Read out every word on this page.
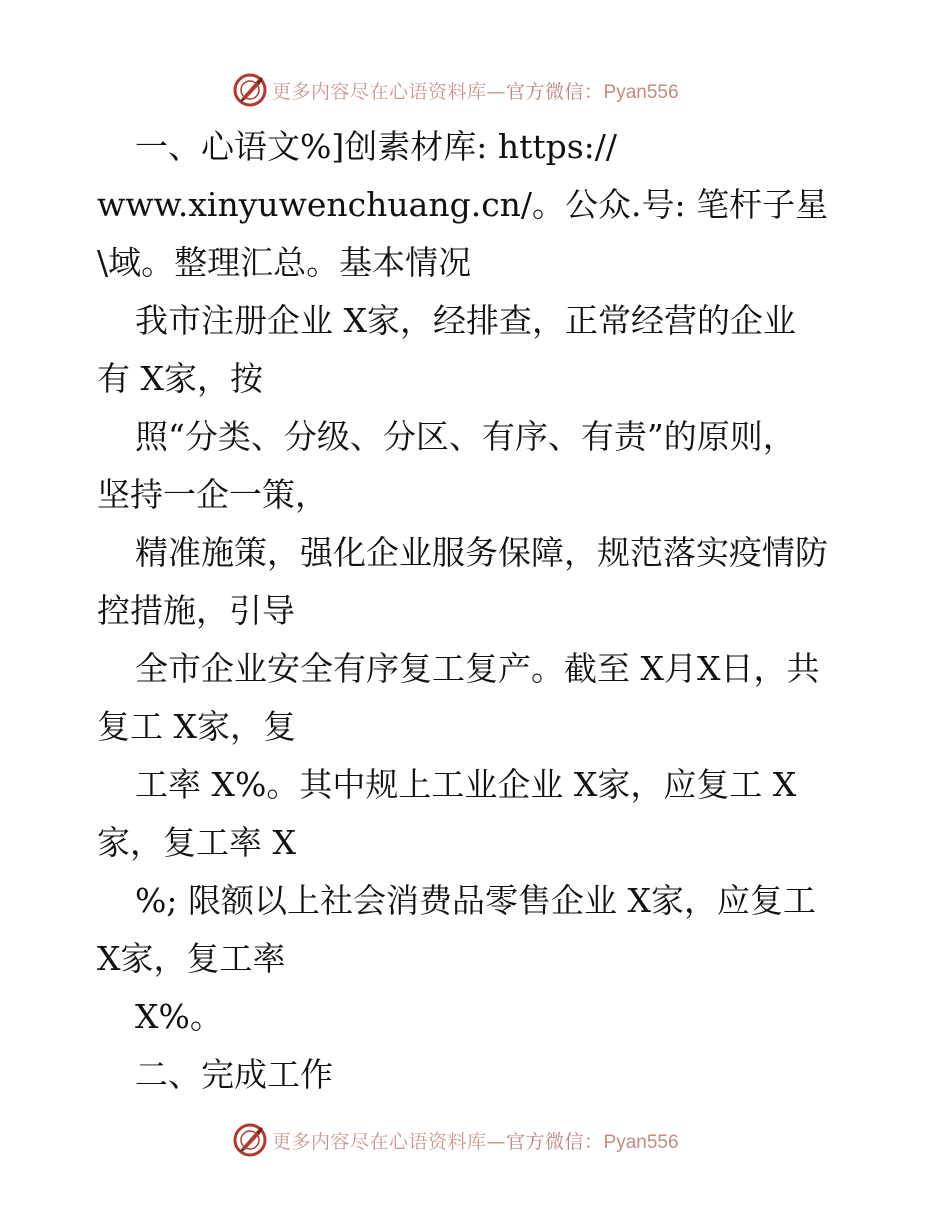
更多内容尽在心语资料库—官方微信：Pyan556
一、心语文%]创素材库: https://
www.xinyuwenchuang.cn/。公众.号: 笔杆子星
\域。整理汇总。基本情况
我市注册企业 X家，经排查，正常经营的企业
有 X家，按
照“分类、分级、分区、有序、有责”的原则，
坚持一企一策，
精准施策，强化企业服务保障，规范落实疫情防
控措施，引导
全市企业安全有序复工复产。截至 X月X日，共
复工 X家，复
工率 X%。其中规上工业企业 X家，应复工 X
家，复工率 X
%; 限额以上社会消费品零售企业 X家，应复工
X家，复工率
X%。
二、完成工作
更多内容尽在心语资料库—官方微信：Pyan556
